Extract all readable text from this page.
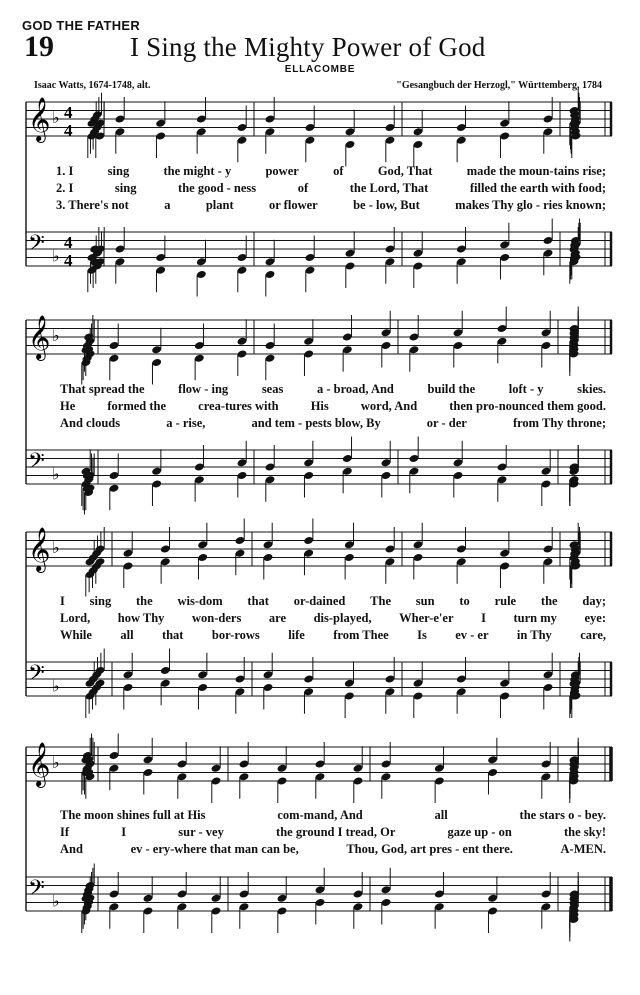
GOD THE FATHER
19	I Sing the Mighty Power of God
ELLACOMBE
Isaac Watts, 1674-1748, alt.	"Gesangbuch der Herzogl," Württemberg, 1784
𝄞 ♭ 4
4
𝄢 ♭
4
4
𝄞 ♭
𝄢 ♭
𝄞 ♭
𝄢 ♭
𝄞 ♭
𝄢 ♭
1. I	sing	the might - y	power	of	God, That	made the moun-tains rise;
2. I	sing	the good - ness	of	the Lord, That	filled the earth with food;
3. There's not	a	plant	or flower	be - low, But	makes Thy glo - ries known;
That spread the	flow - ing	seas	a - broad, And	build the	loft - y	skies.
He	formed the	crea-tures with	His	word, And	then pro-nounced them good.
And clouds	a - rise,	and tem - pests blow, By	or - der	from Thy throne;
I sing the wis-dom that or-dained The sun to rule the day;
Lord, how Thy won-ders are dis-played, Wher-e'er I turn my eye:
While all that bor-rows life from Thee Is ev - er in Thy care,
The moon shines full at His	com-mand, And	all	the stars o - bey.
If	I	sur - vey	the ground I tread, Or	gaze up - on	the sky!
And	ev - ery-where that man can be,	Thou, God, art pres - ent there.	A-MEN.
